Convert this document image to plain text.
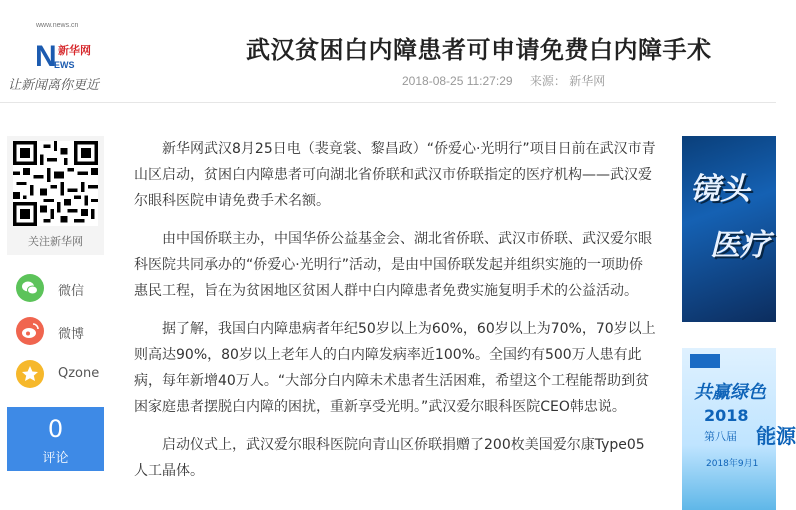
www.news.cn
N
EWS
新华网
让新闻离你更近
武汉贫困白内障患者可申请免费白内障手术
2018-08-25 11:27:29 来源： 新华网
关注新华网
微信
微博
Qzone
0
评论

新华网武汉8月25日电（裴竟裳、黎昌政）“侨爱心·光明行”项目日前在武汉市青山区启动，贫困白内障患者可向湖北省侨联和武汉市侨联指定的医疗机构——武汉爱尔眼科医院申请免费手术名额。

由中国侨联主办，中国华侨公益基金会、湖北省侨联、武汉市侨联、武汉爱尔眼科医院共同承办的“侨爱心·光明行”活动，是由中国侨联发起并组织实施的一项助侨惠民工程，旨在为贫困地区贫困人群中白内障患者免费实施复明手术的公益活动。

据了解，我国白内障患病者年纪50岁以上为60%，60岁以上为70%，70岁以上则高达90%，80岁以上老年人的白内障发病率近100%。全国约有500万人患有此病，每年新增40万人。“大部分白内障未术患者生活困难，希望这个工程能帮助到贫困家庭患者摆脱白内障的困扰，重新享受光明。”武汉爱尔眼科医院CEO韩忠说。

启动仪式上，武汉爱尔眼科医院向青山区侨联捐赠了200枚美国爱尔康Type05人工晶体。

镜头
医疗
共赢绿色
2018
第八届 能源
2018年9月1
